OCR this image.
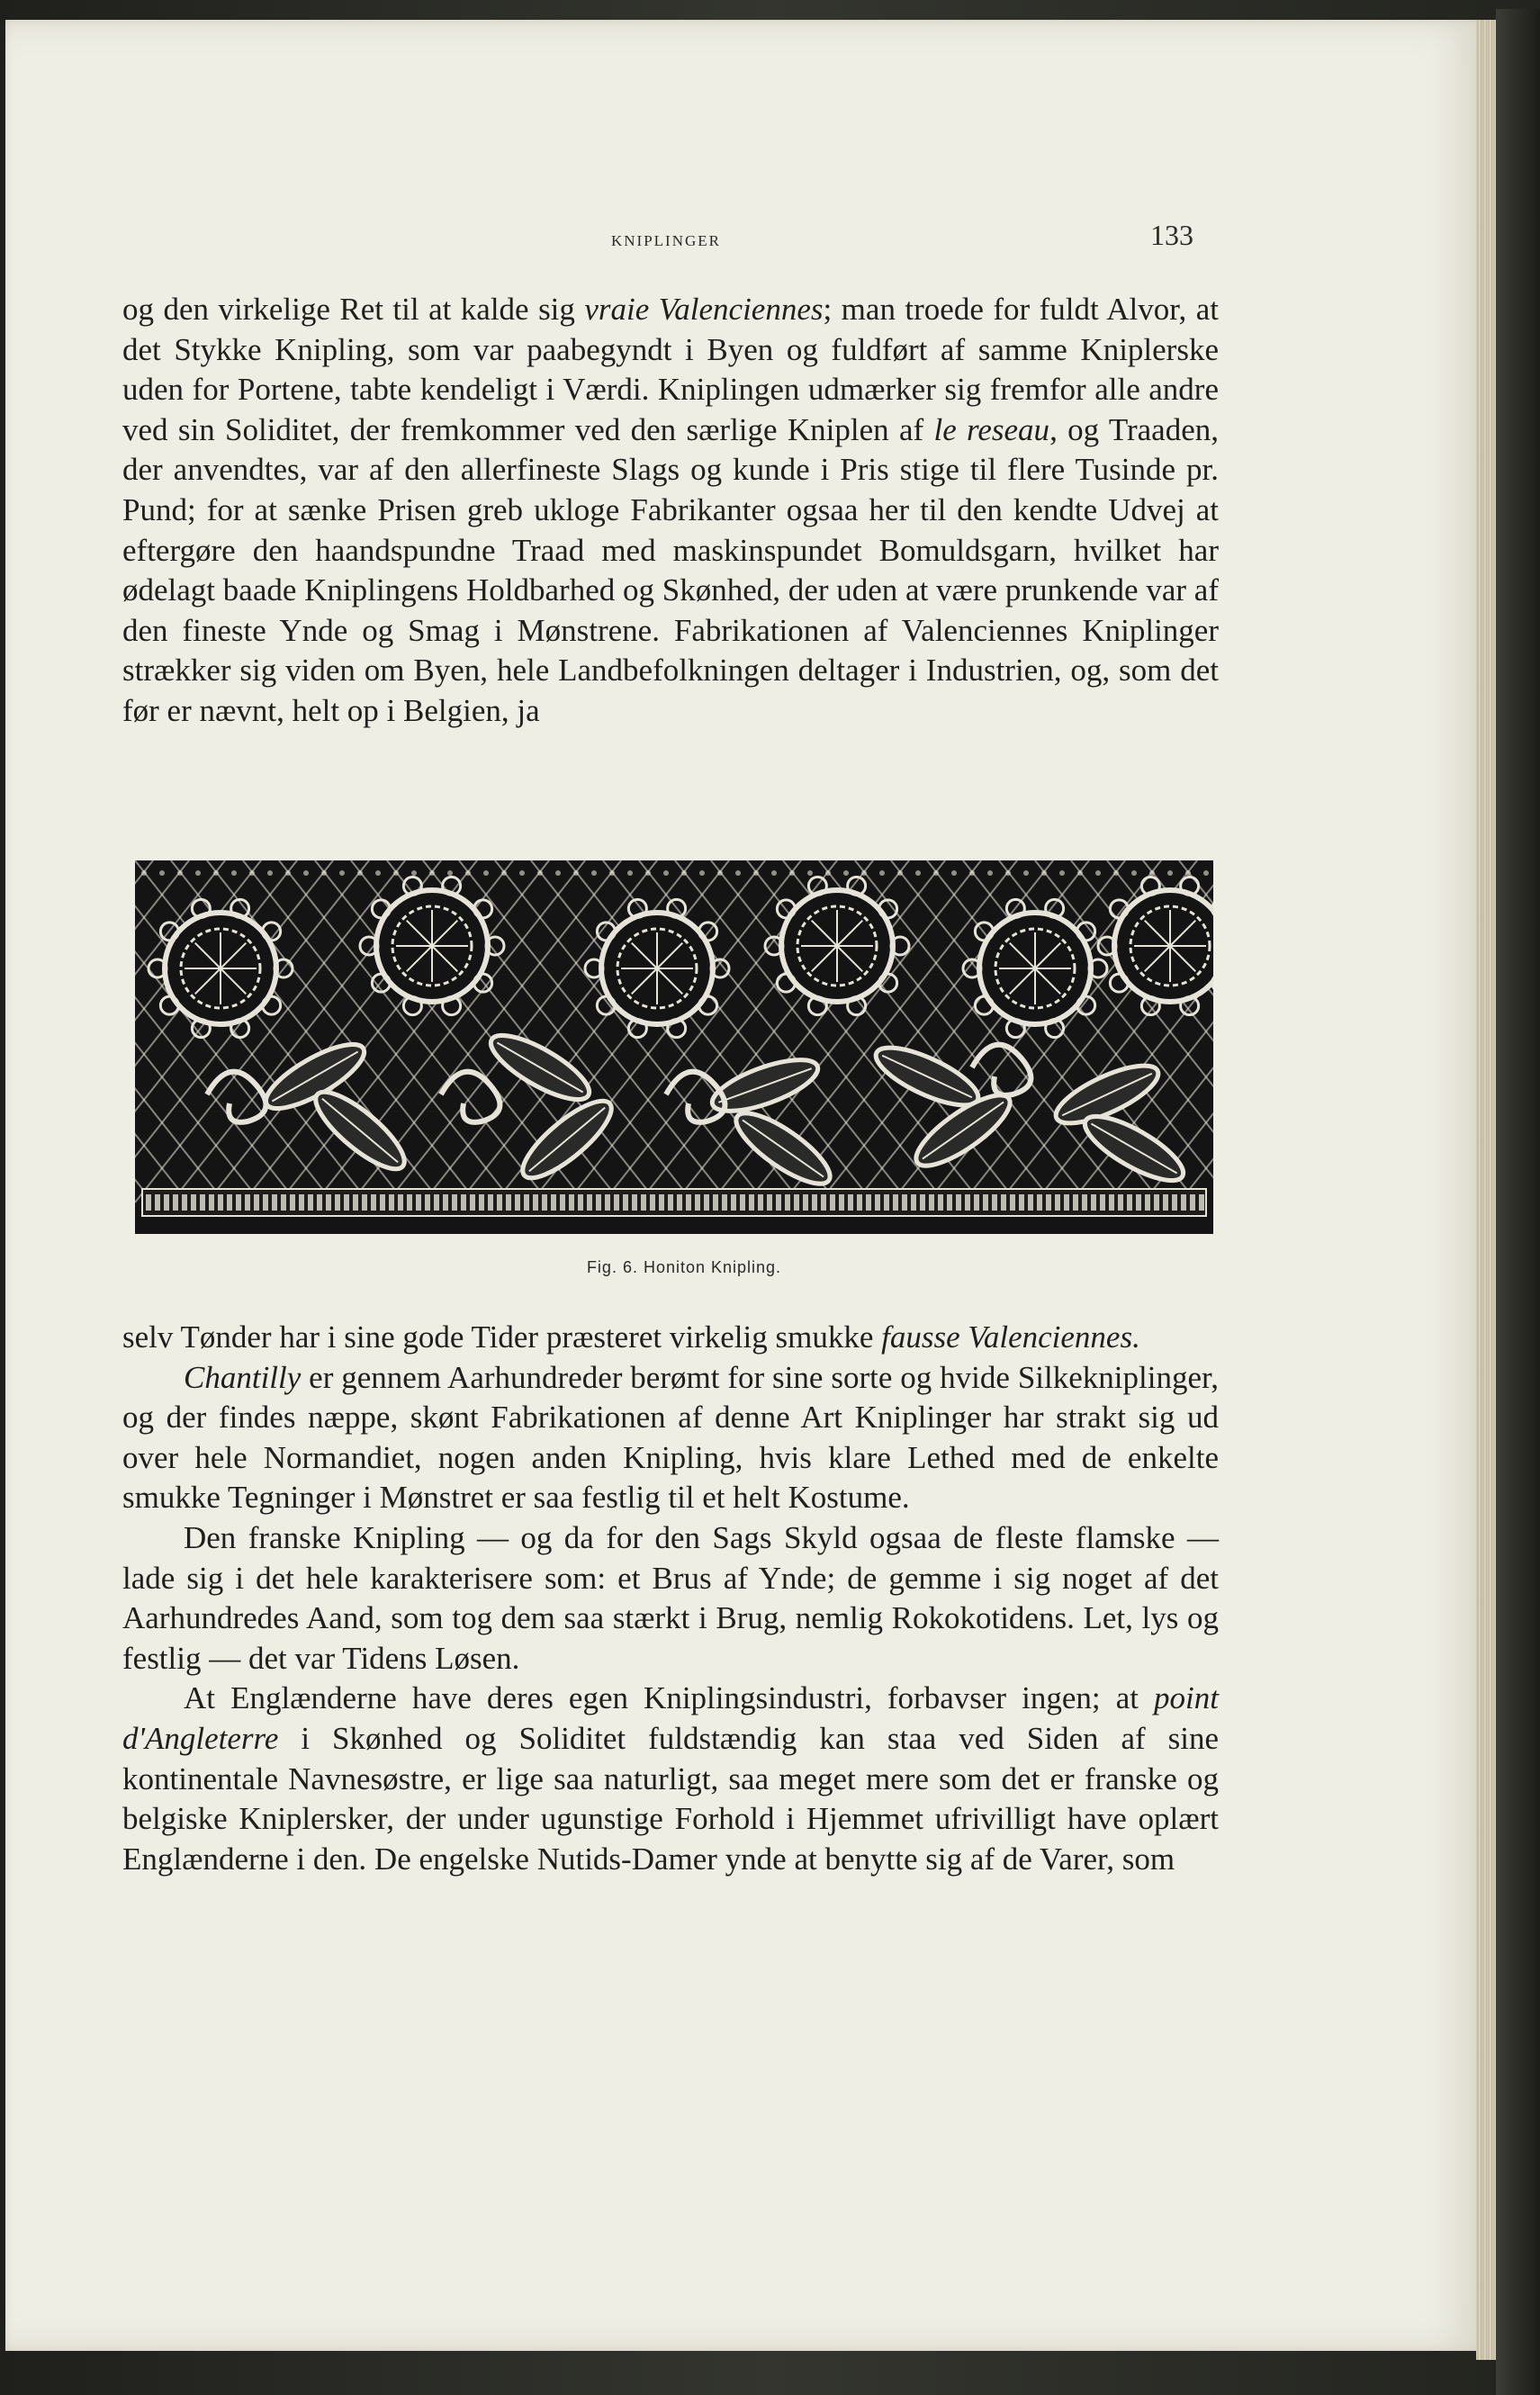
KNIPLINGER	133

og den virkelige Ret til at kalde sig vraie Valenciennes; man troede for fuldt Alvor, at det Stykke Knipling, som var paabegyndt i Byen og fuldført af samme Kniplerske uden for Portene, tabte kendeligt i Værdi. Kniplingen udmærker sig fremfor alle andre ved sin Soliditet, der fremkommer ved den særlige Kniplen af le reseau, og Traaden, der anvendtes, var af den allerfineste Slags og kunde i Pris stige til flere Tusinde pr. Pund; for at sænke Prisen greb ukloge Fabrikanter ogsaa her til den kendte Udvej at eftergøre den haandspundne Traad med maskinspundet Bomuldsgarn, hvilket har ødelagt baade Kniplingens Holdbarhed og Skønhed, der uden at være prunkende var af den fineste Ynde og Smag i Mønstrene. Fabrikationen af Valenciennes Kniplinger strækker sig viden om Byen, hele Landbefolkningen deltager i Industrien, og, som det før er nævnt, helt op i Belgien, ja

Fig. 6. Honiton Knipling.

selv Tønder har i sine gode Tider præsteret virkelig smukke fausse Valenciennes.

Chantilly er gennem Aarhundreder berømt for sine sorte og hvide Silkekniplinger, og der findes næppe, skønt Fabrikationen af denne Art Kniplinger har strakt sig ud over hele Normandiet, nogen anden Knipling, hvis klare Lethed med de enkelte smukke Tegninger i Mønstret er saa festlig til et helt Kostume.

Den franske Knipling — og da for den Sags Skyld ogsaa de fleste flamske — lade sig i det hele karakterisere som: et Brus af Ynde; de gemme i sig noget af det Aarhundredes Aand, som tog dem saa stærkt i Brug, nemlig Rokokotidens. Let, lys og festlig — det var Tidens Løsen.

At Englænderne have deres egen Kniplingsindustri, forbavser ingen; at point d'Angleterre i Skønhed og Soliditet fuldstændig kan staa ved Siden af sine kontinentale Navnesøstre, er lige saa naturligt, saa meget mere som det er franske og belgiske Kniplersker, der under ugunstige Forhold i Hjemmet ufrivilligt have oplært Englænderne i den. De engelske Nutids-Damer ynde at benytte sig af de Varer, som
